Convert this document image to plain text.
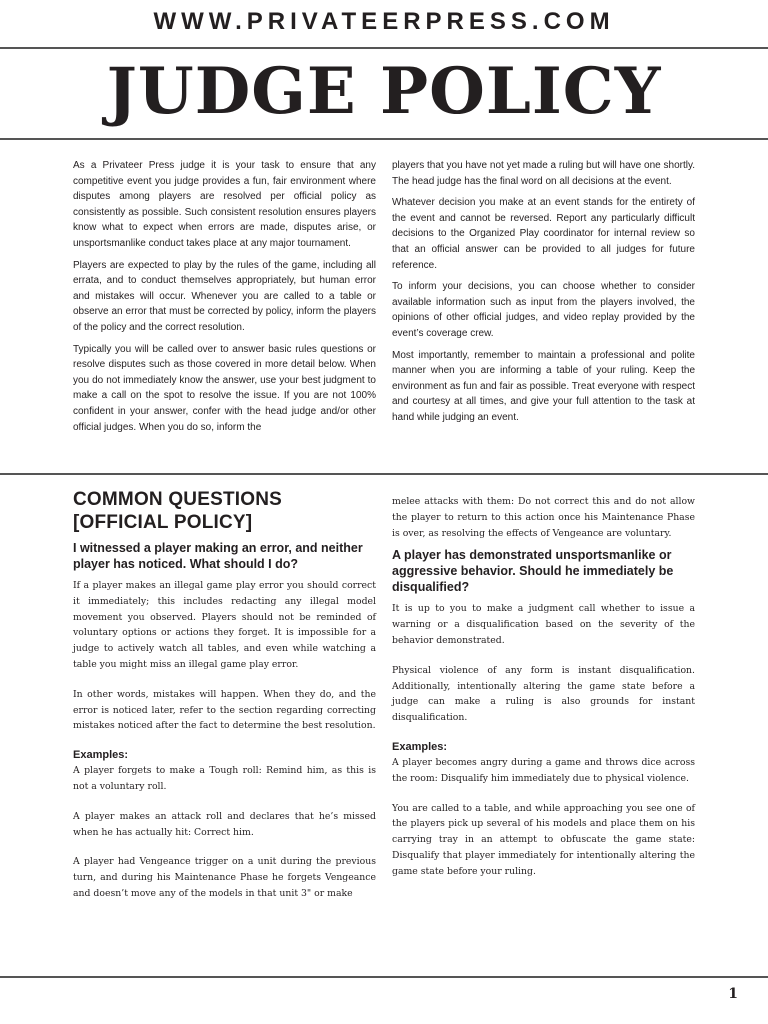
WWW.PRIVATEERPRESS.COM
JUDGE POLICY

As a Privateer Press judge it is your task to ensure that any competitive event you judge provides a fun, fair environment where disputes among players are resolved per official policy as consistently as possible. Such consistent resolution ensures players know what to expect when errors are made, disputes arise, or unsportsmanlike conduct takes place at any major tournament.

Players are expected to play by the rules of the game, including all errata, and to conduct themselves appropriately, but human error and mistakes will occur. Whenever you are called to a table or observe an error that must be corrected by policy, inform the players of the policy and the correct resolution.

Typically you will be called over to answer basic rules questions or resolve disputes such as those covered in more detail below. When you do not immediately know the answer, use your best judgment to make a call on the spot to resolve the issue. If you are not 100% confident in your answer, confer with the head judge and/or other official judges. When you do so, inform the

players that you have not yet made a ruling but will have one shortly. The head judge has the final word on all decisions at the event.

Whatever decision you make at an event stands for the entirety of the event and cannot be reversed. Report any particularly difficult decisions to the Organized Play coordinator for internal review so that an official answer can be provided to all judges for future reference.

To inform your decisions, you can choose whether to consider available information such as input from the players involved, the opinions of other official judges, and video replay provided by the event’s coverage crew.

Most importantly, remember to maintain a professional and polite manner when you are informing a table of your ruling. Keep the environment as fun and fair as possible. Treat everyone with respect and courtesy at all times, and give your full attention to the task at hand while judging an event.

COMMON QUESTIONS
[OFFICIAL POLICY]
I witnessed a player making an error, and neither player has noticed. What should I do?

If a player makes an illegal game play error you should correct it immediately; this includes redacting any illegal model movement you observed. Players should not be reminded of voluntary options or actions they forget. It is impossible for a judge to actively watch all tables, and even while watching a table you might miss an illegal game play error.

In other words, mistakes will happen. When they do, and the error is noticed later, refer to the section regarding correcting mistakes noticed after the fact to determine the best resolution.

Examples:

A player forgets to make a Tough roll: Remind him, as this is not a voluntary roll.

A player makes an attack roll and declares that he’s missed when he has actually hit: Correct him.

A player had Vengeance trigger on a unit during the previous turn, and during his Maintenance Phase he forgets Vengeance and doesn’t move any of the models in that unit 3" or make

melee attacks with them: Do not correct this and do not allow the player to return to this action once his Maintenance Phase is over, as resolving the effects of Vengeance are voluntary.

A player has demonstrated unsportsmanlike or aggressive behavior. Should he immediately be disqualified?

It is up to you to make a judgment call whether to issue a warning or a disqualification based on the severity of the behavior demonstrated.

Physical violence of any form is instant disqualification. Additionally, intentionally altering the game state before a judge can make a ruling is also grounds for instant disqualification.

Examples:

A player becomes angry during a game and throws dice across the room: Disqualify him immediately due to physical violence.

You are called to a table, and while approaching you see one of the players pick up several of his models and place them on his carrying tray in an attempt to obfuscate the game state: Disqualify that player immediately for intentionally altering the game state before your ruling.

1
